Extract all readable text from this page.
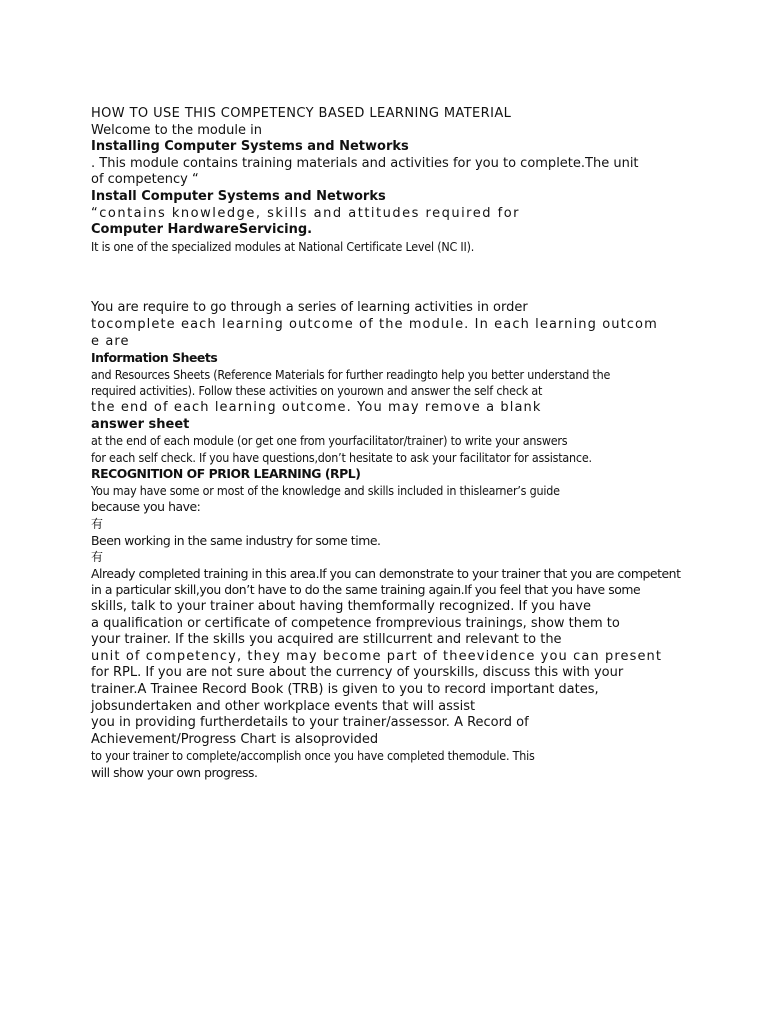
HOW TO USE THIS COMPETENCY BASED LEARNING MATERIAL
Welcome to the module in
Installing Computer Systems and Networks
. This module contains training materials and activities for you to complete.The unit
of competency “
Install Computer Systems and Networks
“contains knowledge, skills and attitudes required for
Computer HardwareServicing.
It is one of the specialized modules at National Certificate Level (NC II).
You are require to go through a series of learning activities in order
tocomplete each learning outcome of the module. In each learning outcom
e are
Information Sheets
and Resources Sheets (Reference Materials for further readingto help you better understand the
required activities). Follow these activities on yourown and answer the self check at
the end of each learning outcome. You may remove a blank
answer sheet
at the end of each module (or get one from yourfacilitator/trainer) to write your answers
for each self check. If you have questions,don’t hesitate to ask your facilitator for assistance.
RECOGNITION OF PRIOR LEARNING (RPL)
You may have some or most of the knowledge and skills included in thislearner’s guide
because you have:
有
Been working in the same industry for some time.
有
Already completed training in this area.If you can demonstrate to your trainer that you are competent
in a particular skill,you don’t have to do the same training again.If you feel that you have some
skills, talk to your trainer about having themformally recognized. If you have
a qualification or certificate of competence fromprevious trainings, show them to
your trainer. If the skills you acquired are stillcurrent and relevant to the
unit of competency, they may become part of theevidence you can present
for RPL. If you are not sure about the currency of yourskills, discuss this with your
trainer.A Trainee Record Book (TRB) is given to you to record important dates,
jobsundertaken and other workplace events that will assist
you in providing furtherdetails to your trainer/assessor. A Record of
Achievement/Progress Chart is alsoprovided
to your trainer to complete/accomplish once you have completed themodule. This
will show your own progress.
